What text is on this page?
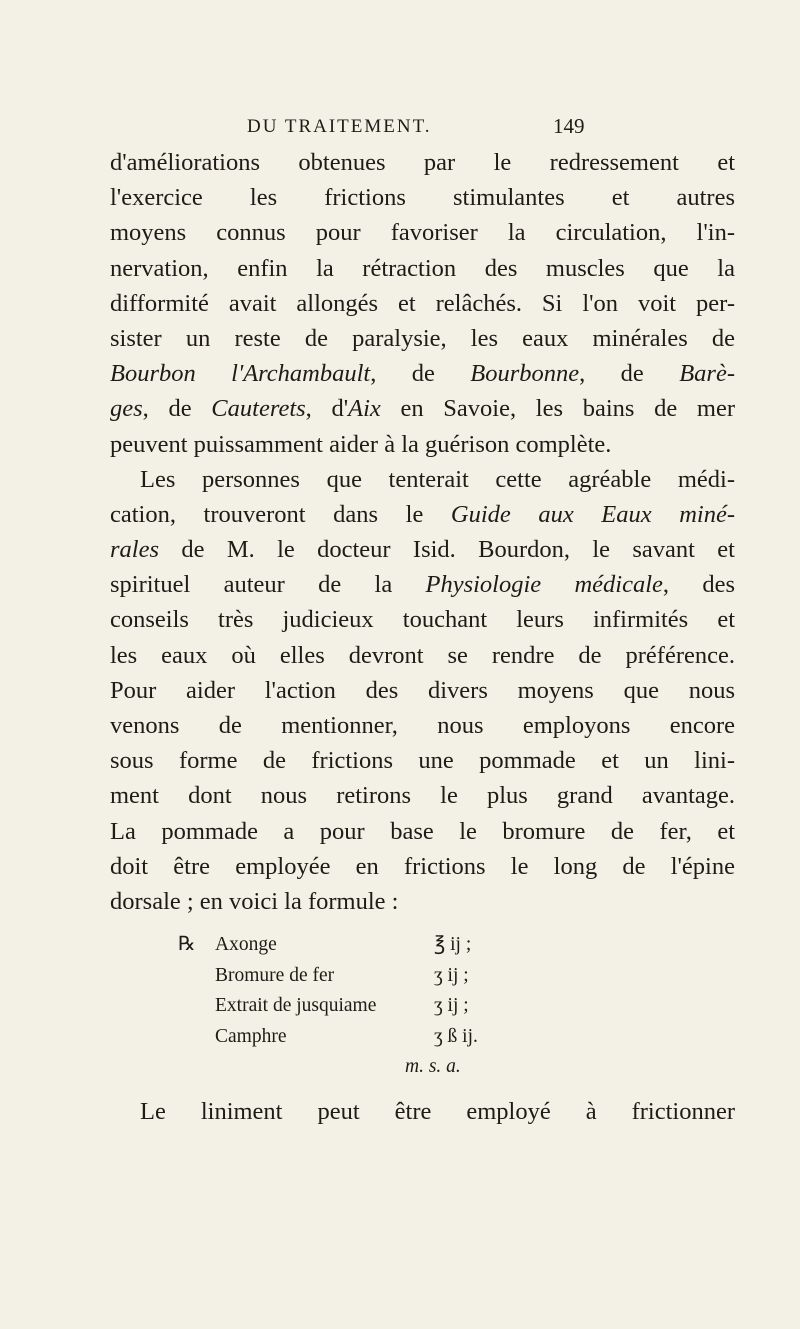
DU TRAITEMENT.	149
d'améliorations obtenues par le redressement et
l'exercice les frictions stimulantes et autres
moyens connus pour favoriser la circulation, l'in-
nervation, enfin la rétraction des muscles que la
difformité avait allongés et relâchés. Si l'on voit per-
sister un reste de paralysie, les eaux minérales de
Bourbon l'Archambault, de Bourbonne, de Barè-
ges, de Cauterets, d'Aix en Savoie, les bains de mer
peuvent puissamment aider à la guérison complète.
Les personnes que tenterait cette agréable médi-
cation, trouveront dans le Guide aux Eaux miné-
rales de M. le docteur Isid. Bourdon, le savant et
spirituel auteur de la Physiologie médicale, des
conseils très judicieux touchant leurs infirmités et
les eaux où elles devront se rendre de préférence.
Pour aider l'action des divers moyens que nous
venons de mentionner, nous employons encore
sous forme de frictions une pommade et un lini-
ment dont nous retirons le plus grand avantage.
La pommade a pour base le bromure de fer, et
doit être employée en frictions le long de l'épine
dorsale ; en voici la formule :
℞ Axonge	℥ ij ;
Bromure de fer	ʒ ij ;
Extrait de jusquiame	ʒ ij ;
Camphre	ʒ ß ij.
m. s. a.
Le liniment peut être employé à frictionner
